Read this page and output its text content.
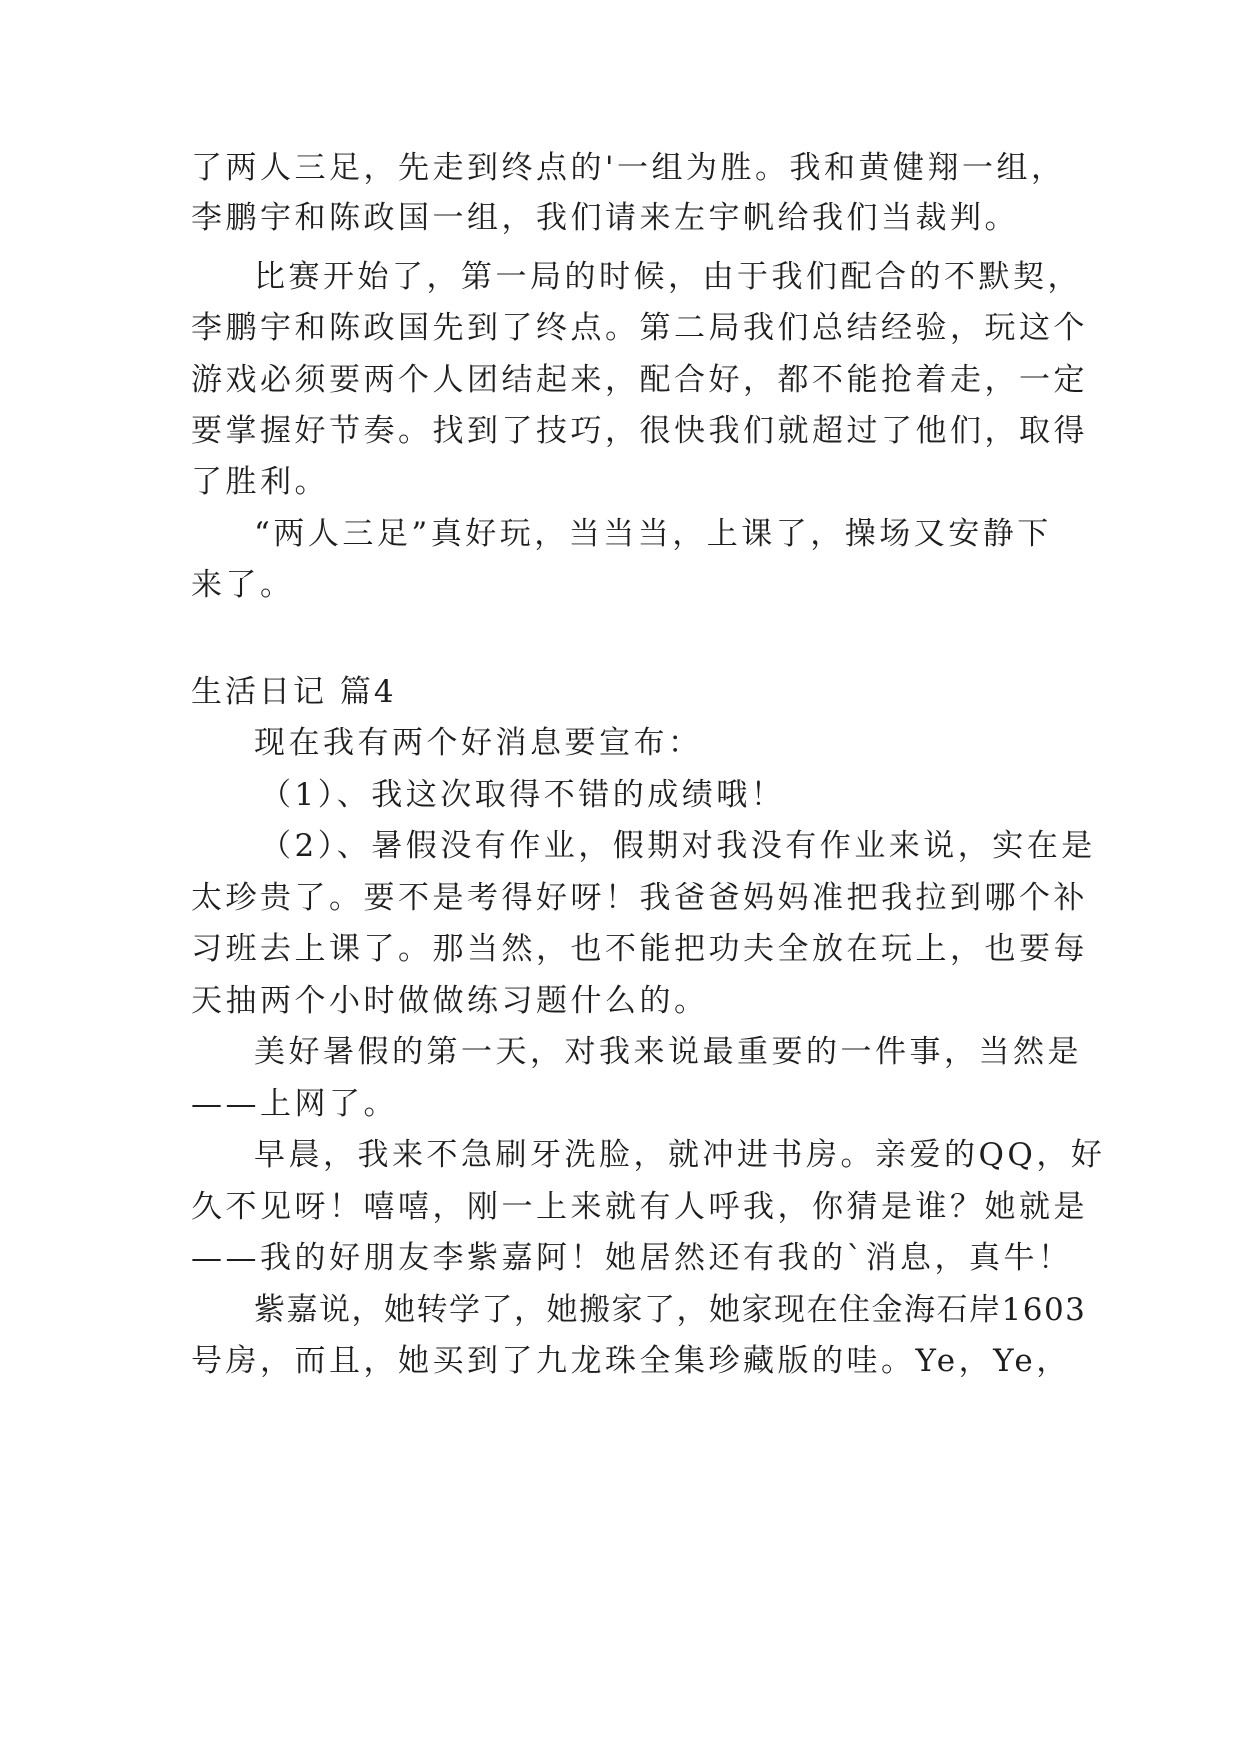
了两人三足，先走到终点的'一组为胜。我和黄健翔一组，
李鹏宇和陈政国一组，我们请来左宇帆给我们当裁判。
比赛开始了，第一局的时候，由于我们配合的不默契，
李鹏宇和陈政国先到了终点。第二局我们总结经验，玩这个
游戏必须要两个人团结起来，配合好，都不能抢着走，一定
要掌握好节奏。找到了技巧，很快我们就超过了他们，取得
了胜利。
“两人三足”真好玩，当当当，上课了，操场又安静下
来了。
生活日记 篇4
现在我有两个好消息要宣布：
（1）、我这次取得不错的成绩哦！
（2）、暑假没有作业，假期对我没有作业来说，实在是
太珍贵了。要不是考得好呀！我爸爸妈妈准把我拉到哪个补
习班去上课了。那当然，也不能把功夫全放在玩上，也要每
天抽两个小时做做练习题什么的。
美好暑假的第一天，对我来说最重要的一件事，当然是
——上网了。
早晨，我来不急刷牙洗脸，就冲进书房。亲爱的QQ，好
久不见呀！嘻嘻，刚一上来就有人呼我，你猜是谁？她就是
——我的好朋友李紫嘉阿！她居然还有我的`消息，真牛！
紫嘉说，她转学了，她搬家了，她家现在住金海石岸1603
号房，而且，她买到了九龙珠全集珍藏版的哇。Ye，Ye，
